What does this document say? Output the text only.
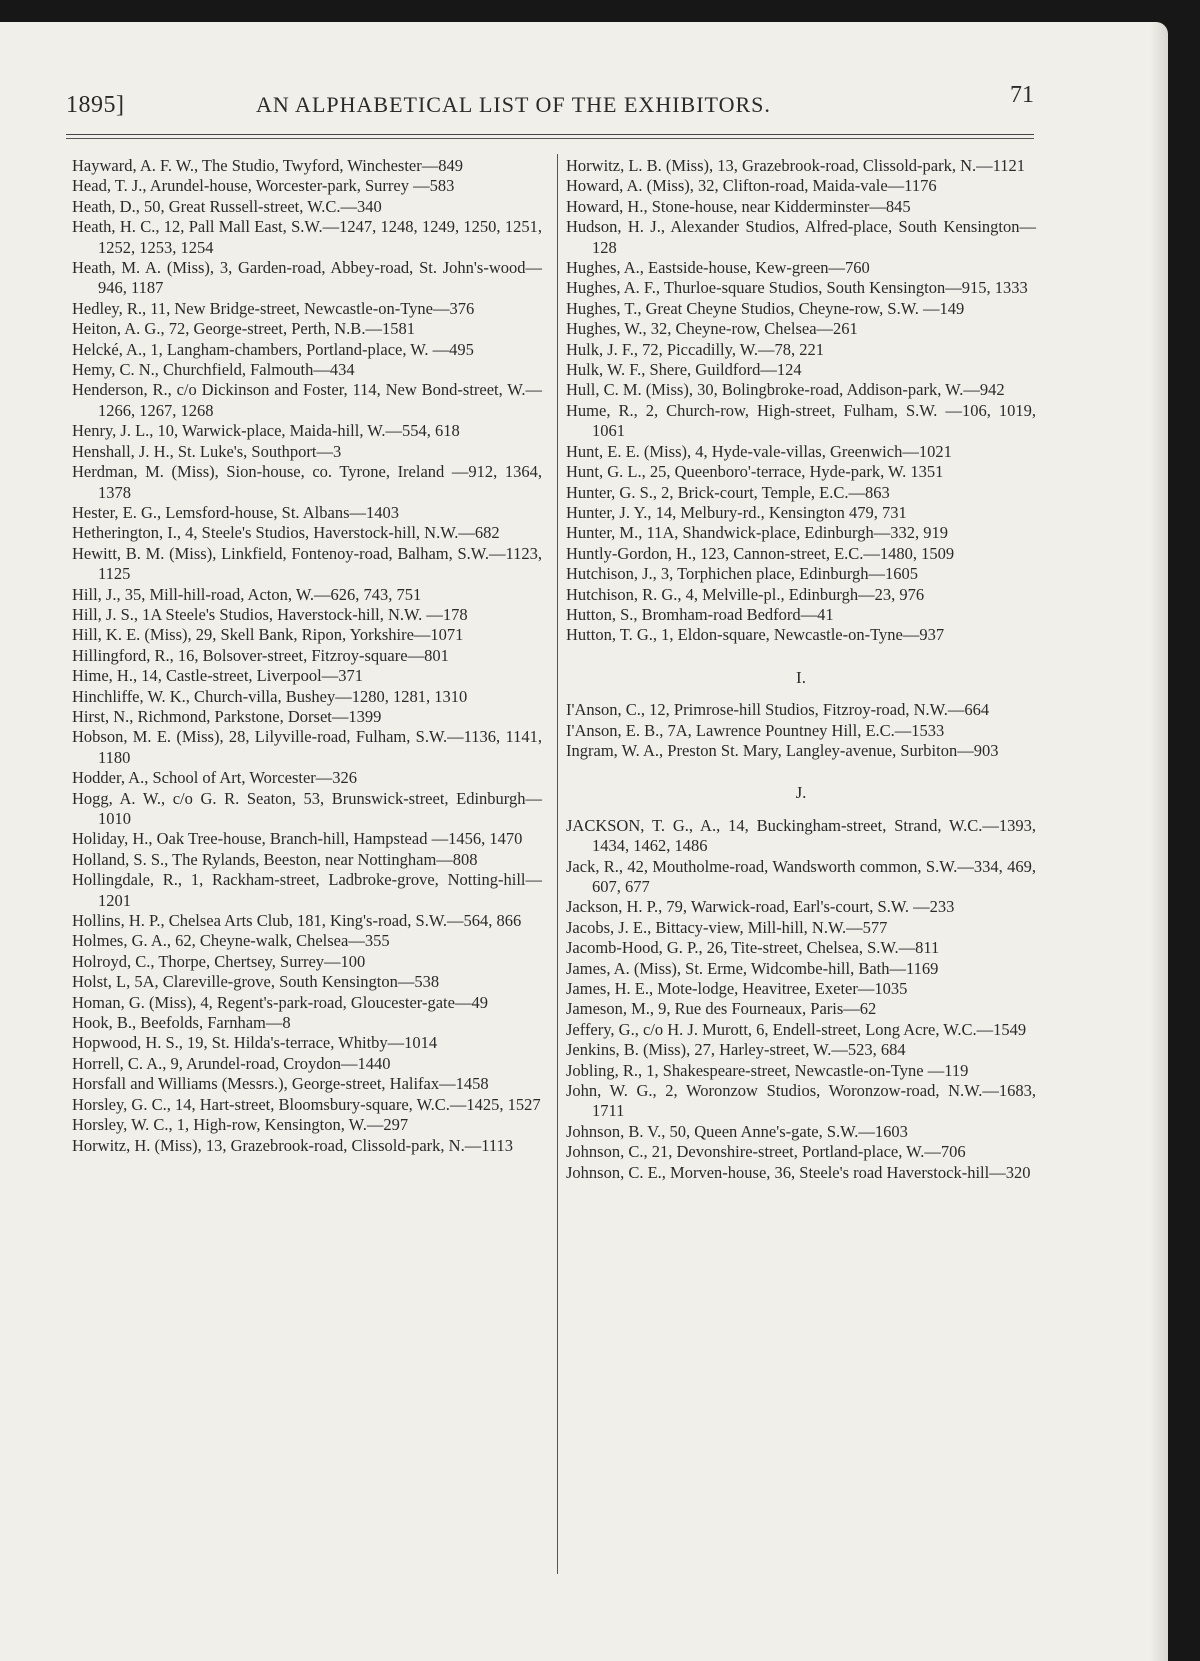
1895]	AN ALPHABETICAL LIST OF THE EXHIBITORS.	71

Hayward, A. F. W., The Studio, Twyford, Winchester—849

Head, T. J., Arundel-house, Worcester-park, Surrey —583

Heath, D., 50, Great Russell-street, W.C.—340

Heath, H. C., 12, Pall Mall East, S.W.—1247, 1248, 1249, 1250, 1251, 1252, 1253, 1254

Heath, M. A. (Miss), 3, Garden-road, Abbey-road, St. John's-wood—946, 1187

Hedley, R., 11, New Bridge-street, Newcastle-on-Tyne—376

Heiton, A. G., 72, George-street, Perth, N.B.—1581

Helcké, A., 1, Langham-chambers, Portland-place, W. —495

Hemy, C. N., Churchfield, Falmouth—434

Henderson, R., c/o Dickinson and Foster, 114, New Bond-street, W.—1266, 1267, 1268

Henry, J. L., 10, Warwick-place, Maida-hill, W.—554, 618

Henshall, J. H., St. Luke's, Southport—3

Herdman, M. (Miss), Sion-house, co. Tyrone, Ireland —912, 1364, 1378

Hester, E. G., Lemsford-house, St. Albans—1403

Hetherington, I., 4, Steele's Studios, Haverstock-hill, N.W.—682

Hewitt, B. M. (Miss), Linkfield, Fontenoy-road, Balham, S.W.—1123, 1125

Hill, J., 35, Mill-hill-road, Acton, W.—626, 743, 751

Hill, J. S., 1A Steele's Studios, Haverstock-hill, N.W. —178

Hill, K. E. (Miss), 29, Skell Bank, Ripon, Yorkshire—1071

Hillingford, R., 16, Bolsover-street, Fitzroy-square—801

Hime, H., 14, Castle-street, Liverpool—371

Hinchliffe, W. K., Church-villa, Bushey—1280, 1281, 1310

Hirst, N., Richmond, Parkstone, Dorset—1399

Hobson, M. E. (Miss), 28, Lilyville-road, Fulham, S.W.—1136, 1141, 1180

Hodder, A., School of Art, Worcester—326

Hogg, A. W., c/o G. R. Seaton, 53, Brunswick-street, Edinburgh—1010

Holiday, H., Oak Tree-house, Branch-hill, Hampstead —1456, 1470

Holland, S. S., The Rylands, Beeston, near Nottingham—808

Hollingdale, R., 1, Rackham-street, Ladbroke-grove, Notting-hill—1201

Hollins, H. P., Chelsea Arts Club, 181, King's-road, S.W.—564, 866

Holmes, G. A., 62, Cheyne-walk, Chelsea—355

Holroyd, C., Thorpe, Chertsey, Surrey—100

Holst, L, 5A, Clareville-grove, South Kensington—538

Homan, G. (Miss), 4, Regent's-park-road, Gloucester-gate—49

Hook, B., Beefolds, Farnham—8

Hopwood, H. S., 19, St. Hilda's-terrace, Whitby—1014

Horrell, C. A., 9, Arundel-road, Croydon—1440

Horsfall and Williams (Messrs.), George-street, Halifax—1458

Horsley, G. C., 14, Hart-street, Bloomsbury-square, W.C.—1425, 1527

Horsley, W. C., 1, High-row, Kensington, W.—297

Horwitz, H. (Miss), 13, Grazebrook-road, Clissold-park, N.—1113

Horwitz, L. B. (Miss), 13, Grazebrook-road, Clissold-park, N.—1121

Howard, A. (Miss), 32, Clifton-road, Maida-vale—1176

Howard, H., Stone-house, near Kidderminster—845

Hudson, H. J., Alexander Studios, Alfred-place, South Kensington—128

Hughes, A., Eastside-house, Kew-green—760

Hughes, A. F., Thurloe-square Studios, South Kensington—915, 1333

Hughes, T., Great Cheyne Studios, Cheyne-row, S.W. —149

Hughes, W., 32, Cheyne-row, Chelsea—261

Hulk, J. F., 72, Piccadilly, W.—78, 221

Hulk, W. F., Shere, Guildford—124

Hull, C. M. (Miss), 30, Bolingbroke-road, Addison-park, W.—942

Hume, R., 2, Church-row, High-street, Fulham, S.W. —106, 1019, 1061

Hunt, E. E. (Miss), 4, Hyde-vale-villas, Greenwich—1021

Hunt, G. L., 25, Queenboro'-terrace, Hyde-park, W. 1351

Hunter, G. S., 2, Brick-court, Temple, E.C.—863

Hunter, J. Y., 14, Melbury-rd., Kensington 479, 731

Hunter, M., 11A, Shandwick-place, Edinburgh—332, 919

Huntly-Gordon, H., 123, Cannon-street, E.C.—1480, 1509

Hutchison, J., 3, Torphichen place, Edinburgh—1605

Hutchison, R. G., 4, Melville-pl., Edinburgh—23, 976

Hutton, S., Bromham-road Bedford—41

Hutton, T. G., 1, Eldon-square, Newcastle-on-Tyne—937

I.

I'Anson, C., 12, Primrose-hill Studios, Fitzroy-road, N.W.—664

I'Anson, E. B., 7A, Lawrence Pountney Hill, E.C.—1533

Ingram, W. A., Preston St. Mary, Langley-avenue, Surbiton—903

J.

JACKSON, T. G., A., 14, Buckingham-street, Strand, W.C.—1393, 1434, 1462, 1486

Jack, R., 42, Moutholme-road, Wandsworth common, S.W.—334, 469, 607, 677

Jackson, H. P., 79, Warwick-road, Earl's-court, S.W. —233

Jacobs, J. E., Bittacy-view, Mill-hill, N.W.—577

Jacomb-Hood, G. P., 26, Tite-street, Chelsea, S.W.—811

James, A. (Miss), St. Erme, Widcombe-hill, Bath—1169

James, H. E., Mote-lodge, Heavitree, Exeter—1035

Jameson, M., 9, Rue des Fourneaux, Paris—62

Jeffery, G., c/o H. J. Murott, 6, Endell-street, Long Acre, W.C.—1549

Jenkins, B. (Miss), 27, Harley-street, W.—523, 684

Jobling, R., 1, Shakespeare-street, Newcastle-on-Tyne —119

John, W. G., 2, Woronzow Studios, Woronzow-road, N.W.—1683, 1711

Johnson, B. V., 50, Queen Anne's-gate, S.W.—1603

Johnson, C., 21, Devonshire-street, Portland-place, W.—706

Johnson, C. E., Morven-house, 36, Steele's road Haverstock-hill—320
